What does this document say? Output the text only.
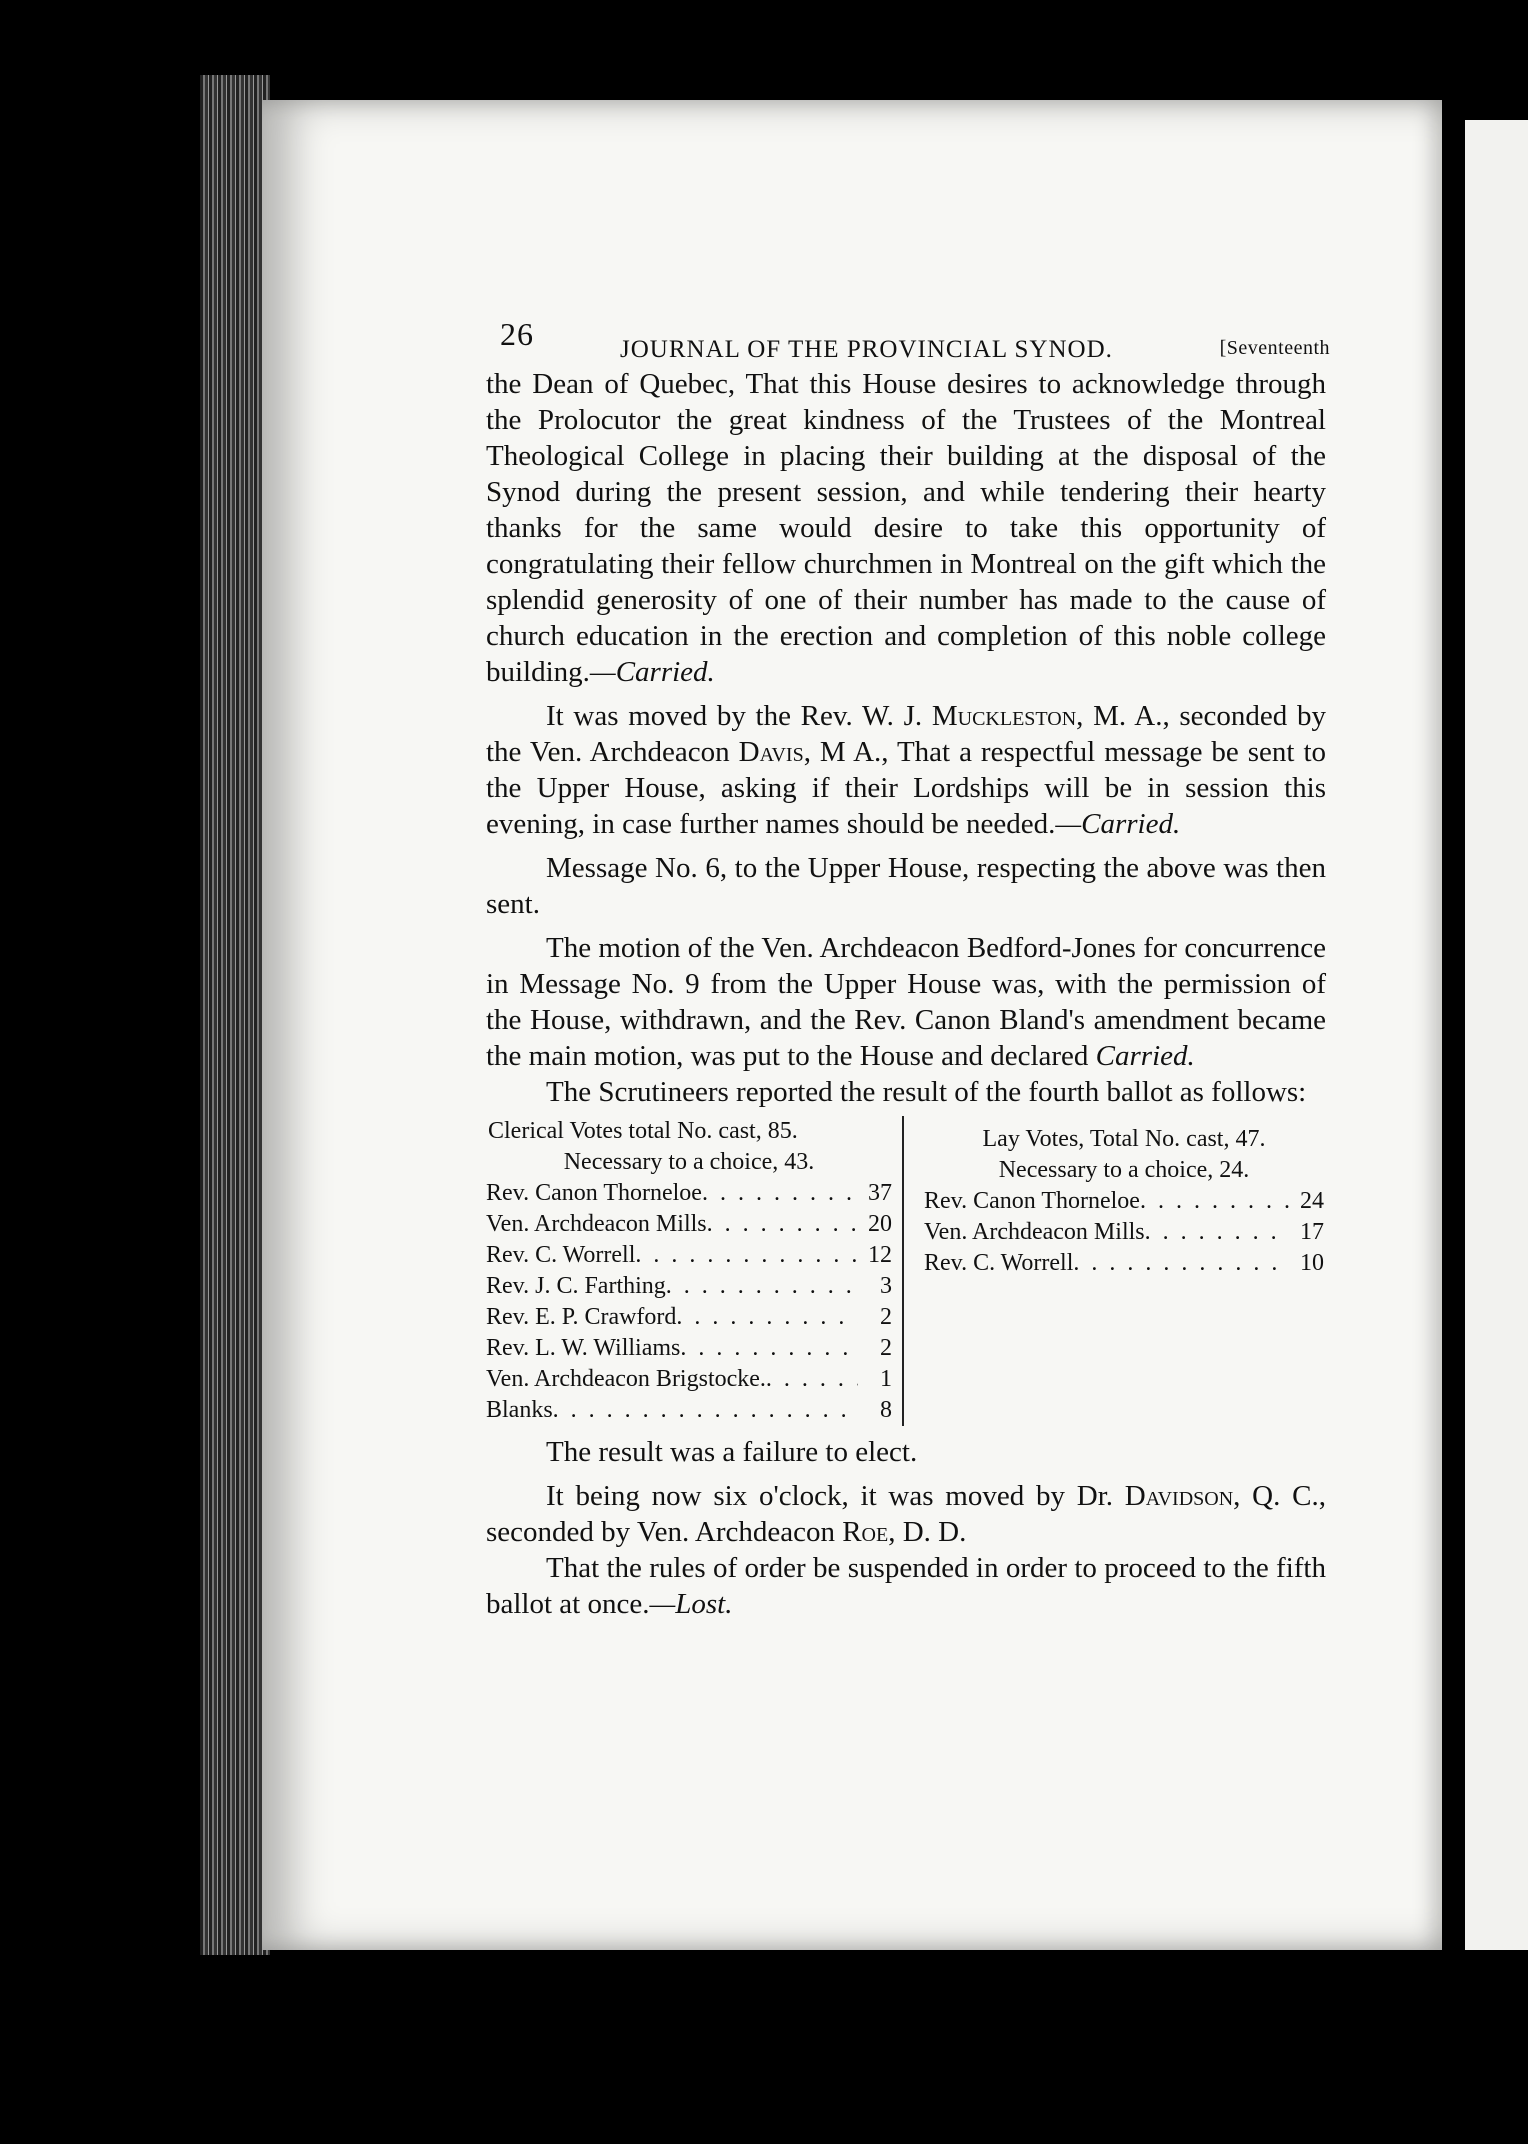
26	JOURNAL OF THE PROVINCIAL SYNOD.	[Seventeenth

the Dean of Quebec, That this House desires to acknowledge through the Prolocutor the great kindness of the Trustees of the Montreal Theological College in placing their building at the disposal of the Synod during the present session, and while tendering their hearty thanks for the same would desire to take this opportunity of congratulating their fellow churchmen in Montreal on the gift which the splendid generosity of one of their number has made to the cause of church education in the erection and completion of this noble college building.—Carried.

It was moved by the Rev. W. J. Muckleston, M. A., seconded by the Ven. Archdeacon Davis, M A., That a respectful message be sent to the Upper House, asking if their Lordships will be in session this evening, in case further names should be needed.—Carried.

Message No. 6, to the Upper House, respecting the above was then sent.

The motion of the Ven. Archdeacon Bedford-Jones for concurrence in Message No. 9 from the Upper House was, with the permission of the House, withdrawn, and the Rev. Canon Bland's amendment became the main motion, was put to the House and declared Carried.

The Scrutineers reported the result of the fourth ballot as follows:

Clerical Votes total No. cast, 85.
Necessary to a choice, 43.
Rev. Canon Thorneloe . . .	37
Ven. Archdeacon Mills . . .	20
Rev. C. Worrell . . .	12
Rev. J. C. Farthing . . .	3
Rev. E. P. Crawford . . .	2
Rev. L. W. Williams . . .	2
Ven. Archdeacon Brigstocke. . . .	1
Blanks . . .	8
Lay Votes, Total No. cast, 47.
Necessary to a choice, 24.
Rev. Canon Thorneloe . . .	24
Ven. Archdeacon Mills . . .	17
Rev. C. Worrell . . .	10

The result was a failure to elect.

It being now six o'clock, it was moved by Dr. Davidson, Q. C., seconded by Ven. Archdeacon Roe, D. D.

That the rules of order be suspended in order to proceed to the fifth ballot at once.—Lost.
